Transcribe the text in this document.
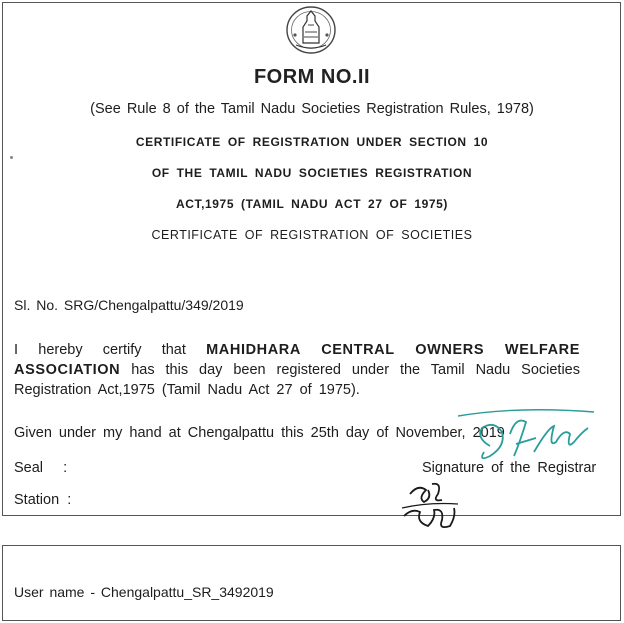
FORM NO.II
(See Rule 8 of the Tamil Nadu Societies Registration Rules, 1978)
CERTIFICATE OF REGISTRATION UNDER SECTION 10
OF THE TAMIL NADU SOCIETIES REGISTRATION
ACT,1975 (TAMIL NADU ACT 27 OF 1975)
CERTIFICATE OF REGISTRATION OF SOCIETIES
Sl. No. SRG/Chengalpattu/349/2019
I hereby certify that MAHIDHARA CENTRAL OWNERS WELFARE ASSOCIATION has this day been registered under the Tamil Nadu Societies Registration Act,1975 (Tamil Nadu Act 27 of 1975).
Given under my hand at Chengalpattu this 25th day of November, 2019
Seal     :
Station  :
Signature of the Registrar
User name - Chengalpattu_SR_3492019
